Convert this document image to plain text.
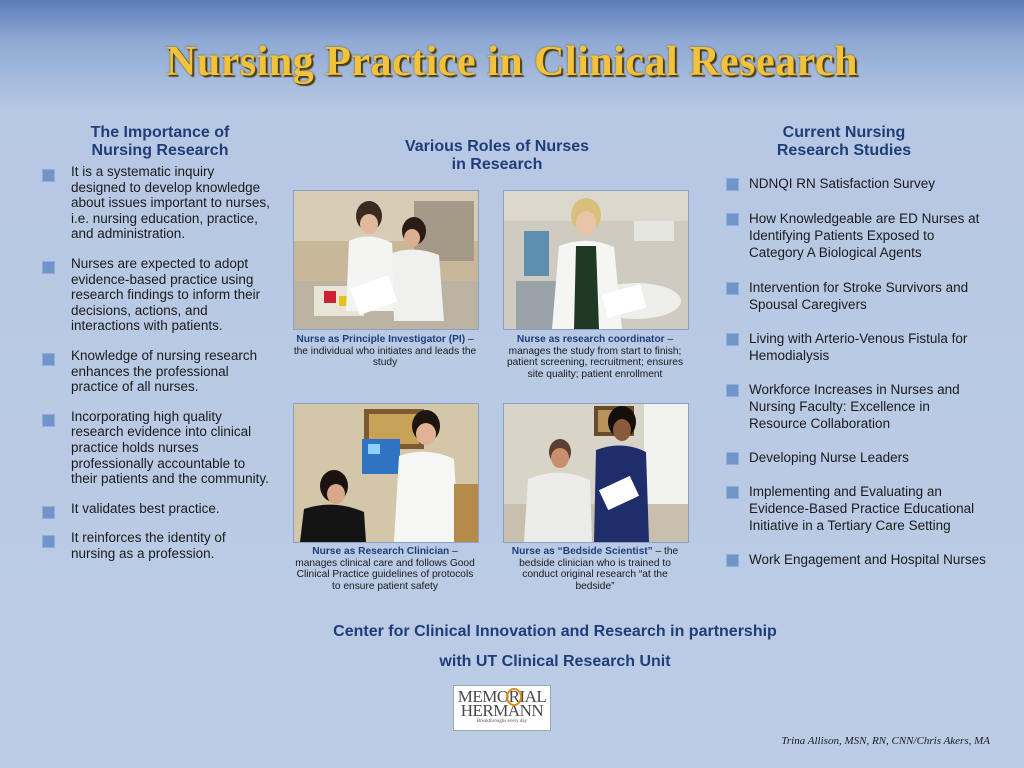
Nursing Practice in Clinical Research
The Importance of
Nursing Research
It is a systematic inquiry designed to develop knowledge about issues important to nurses, i.e. nursing education, practice, and administration.
Nurses are expected to adopt evidence-based practice using research findings to inform their decisions, actions, and interactions with patients.
Knowledge of nursing research enhances the professional practice of all nurses.
Incorporating high quality research evidence into clinical practice holds nurses professionally accountable to their patients and the community.
It validates best practice.
It reinforces the identity of nursing as a profession.
Various Roles of Nurses
in Research
Nurse as Principle Investigator (PI) – the individual who initiates and leads the study
Nurse as research coordinator – manages the study from start to finish; patient screening, recruitment; ensures site quality; patient enrollment
Nurse as Research Clinician – manages clinical care and follows Good Clinical Practice guidelines of protocols to ensure patient safety
Nurse as “Bedside Scientist” – the bedside clinician who is trained to conduct original research “at the bedside”
Center for Clinical Innovation and Research in partnership
with UT Clinical Research Unit
MEMORIAL
HERMANN
Breakthroughs every day
Trina Allison, MSN, RN, CNN/Chris Akers, MA
Current Nursing
Research Studies
NDNQI RN Satisfaction Survey
How Knowledgeable are ED Nurses at Identifying Patients Exposed to Category A Biological Agents
Intervention for Stroke Survivors and Spousal Caregivers
Living with Arterio-Venous Fistula for Hemodialysis
Workforce Increases in Nurses and Nursing Faculty: Excellence in Resource Collaboration
Developing Nurse Leaders
Implementing and Evaluating an Evidence-Based Practice Educational Initiative in a Tertiary Care Setting
Work Engagement and Hospital Nurses
